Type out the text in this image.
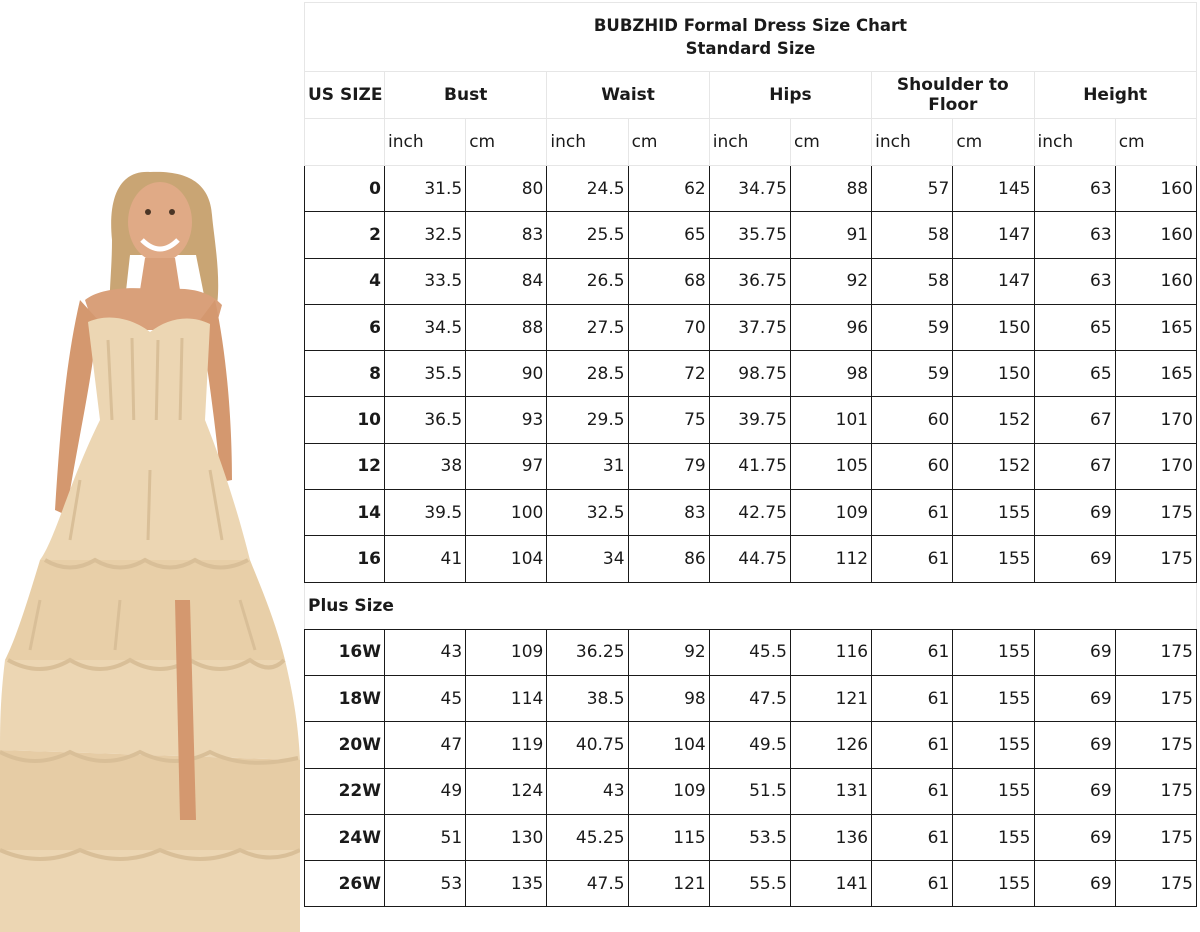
BUBZHID Formal Dress Size Chart
Standard Size										

US SIZE	Bust		Waist		Hips		Shoulder to Floor		Height	
	inch	cm	inch	cm	inch	cm	inch	cm	inch	cm
0	31.5	80	24.5	62	34.75	88	57	145	63	160
2	32.5	83	25.5	65	35.75	91	58	147	63	160
4	33.5	84	26.5	68	36.75	92	58	147	63	160
6	34.5	88	27.5	70	37.75	96	59	150	65	165
8	35.5	90	28.5	72	98.75	98	59	150	65	165
10	36.5	93	29.5	75	39.75	101	60	152	67	170
12	38	97	31	79	41.75	105	60	152	67	170
14	39.5	100	32.5	83	42.75	109	61	155	69	175
16	41	104	34	86	44.75	112	61	155	69	175
Plus Size										
16W	43	109	36.25	92	45.5	116	61	155	69	175
18W	45	114	38.5	98	47.5	121	61	155	69	175
20W	47	119	40.75	104	49.5	126	61	155	69	175
22W	49	124	43	109	51.5	131	61	155	69	175
24W	51	130	45.25	115	53.5	136	61	155	69	175
26W	53	135	47.5	121	55.5	141	61	155	69	175
